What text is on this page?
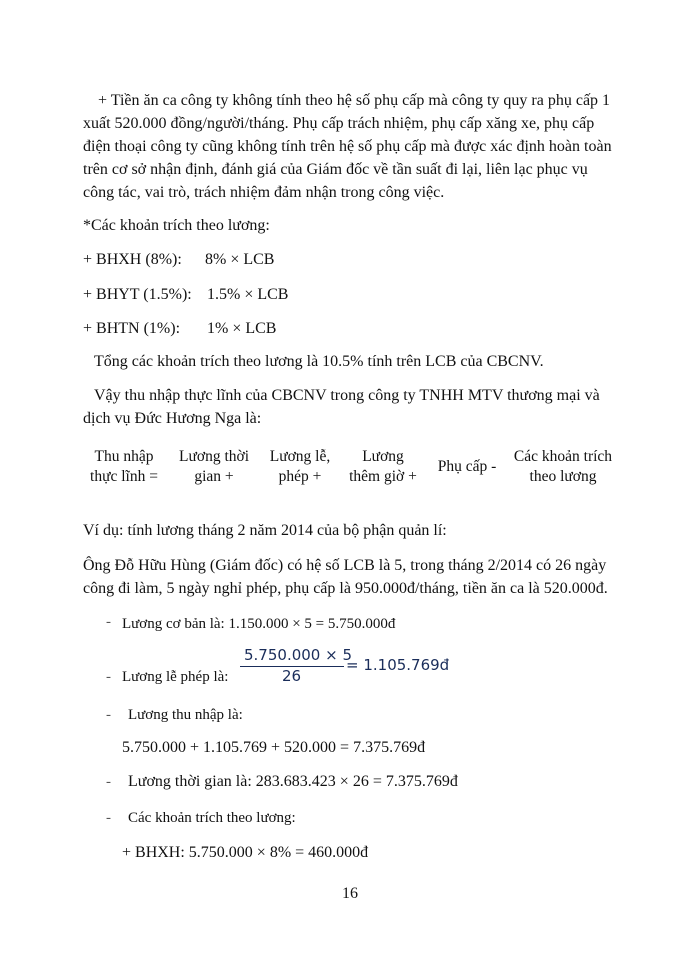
+ Tiền ăn ca công ty không tính theo hệ số phụ cấp mà công ty quy ra phụ cấp 1
xuất 520.000 đồng/người/tháng. Phụ cấp trách nhiệm, phụ cấp xăng xe, phụ cấp
điện thoại công ty cũng không tính trên hệ số phụ cấp mà được xác định hoàn toàn
trên cơ sở nhận định, đánh giá của Giám đốc về tần suất đi lại, liên lạc phục vụ
công tác, vai trò, trách nhiệm đảm nhận trong công việc.
*Các khoản trích theo lương:
+ BHXH (8%): 8% × LCB
+ BHYT (1.5%): 1.5% × LCB
+ BHTN (1%): 1% × LCB
Tổng các khoản trích theo lương là 10.5% tính trên LCB của CBCNV.
Vậy thu nhập thực lĩnh của CBCNV trong công ty TNHH MTV thương mại và
dịch vụ Đức Hương Nga là:
Thu nhập
thực lĩnh =
Lương thời
gian +
Lương lễ,
phép +
Lương
thêm giờ +
Phụ cấp -
Các khoản trích
theo lương
Ví dụ: tính lương tháng 2 năm 2014 của bộ phận quản lí:
Ông Đỗ Hữu Hùng (Giám đốc) có hệ số LCB là 5, trong tháng 2/2014 có 26 ngày
công đi làm, 5 ngày nghỉ phép, phụ cấp là 950.000đ/tháng, tiền ăn ca là 520.000đ.
- Lương cơ bản là: 1.150.000 × 5 = 5.750.000đ
- Lương lễ phép là:
5.750.000 × 5
26
= 1.105.769đ
- Lương thu nhập là:
5.750.000 + 1.105.769 + 520.000 = 7.375.769đ
- Lương thời gian là: 283.683.423 × 26 = 7.375.769đ
- Các khoản trích theo lương:
+ BHXH: 5.750.000 × 8% = 460.000đ
16
